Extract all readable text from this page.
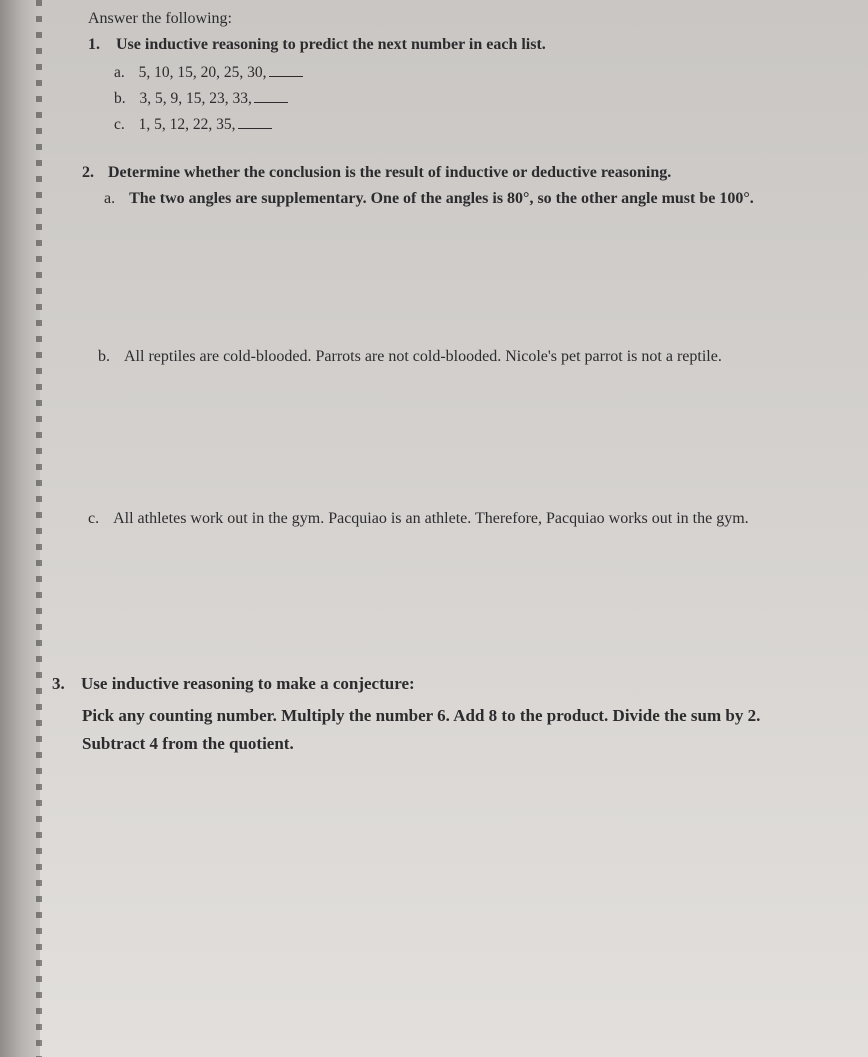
Answer the following:
1. Use inductive reasoning to predict the next number in each list.
a. 5, 10, 15, 20, 25, 30,
b. 3, 5, 9, 15, 23, 33,
c. 1, 5, 12, 22, 35,
2. Determine whether the conclusion is the result of inductive or deductive reasoning.
a. The two angles are supplementary. One of the angles is 80°, so the other angle must be 100°.
b. All reptiles are cold-blooded. Parrots are not cold-blooded. Nicole's pet parrot is not a reptile.
c. All athletes work out in the gym. Pacquiao is an athlete. Therefore, Pacquiao works out in the gym.
3. Use inductive reasoning to make a conjecture:
Pick any counting number. Multiply the number 6. Add 8 to the product. Divide the sum by 2. Subtract 4 from the quotient.
